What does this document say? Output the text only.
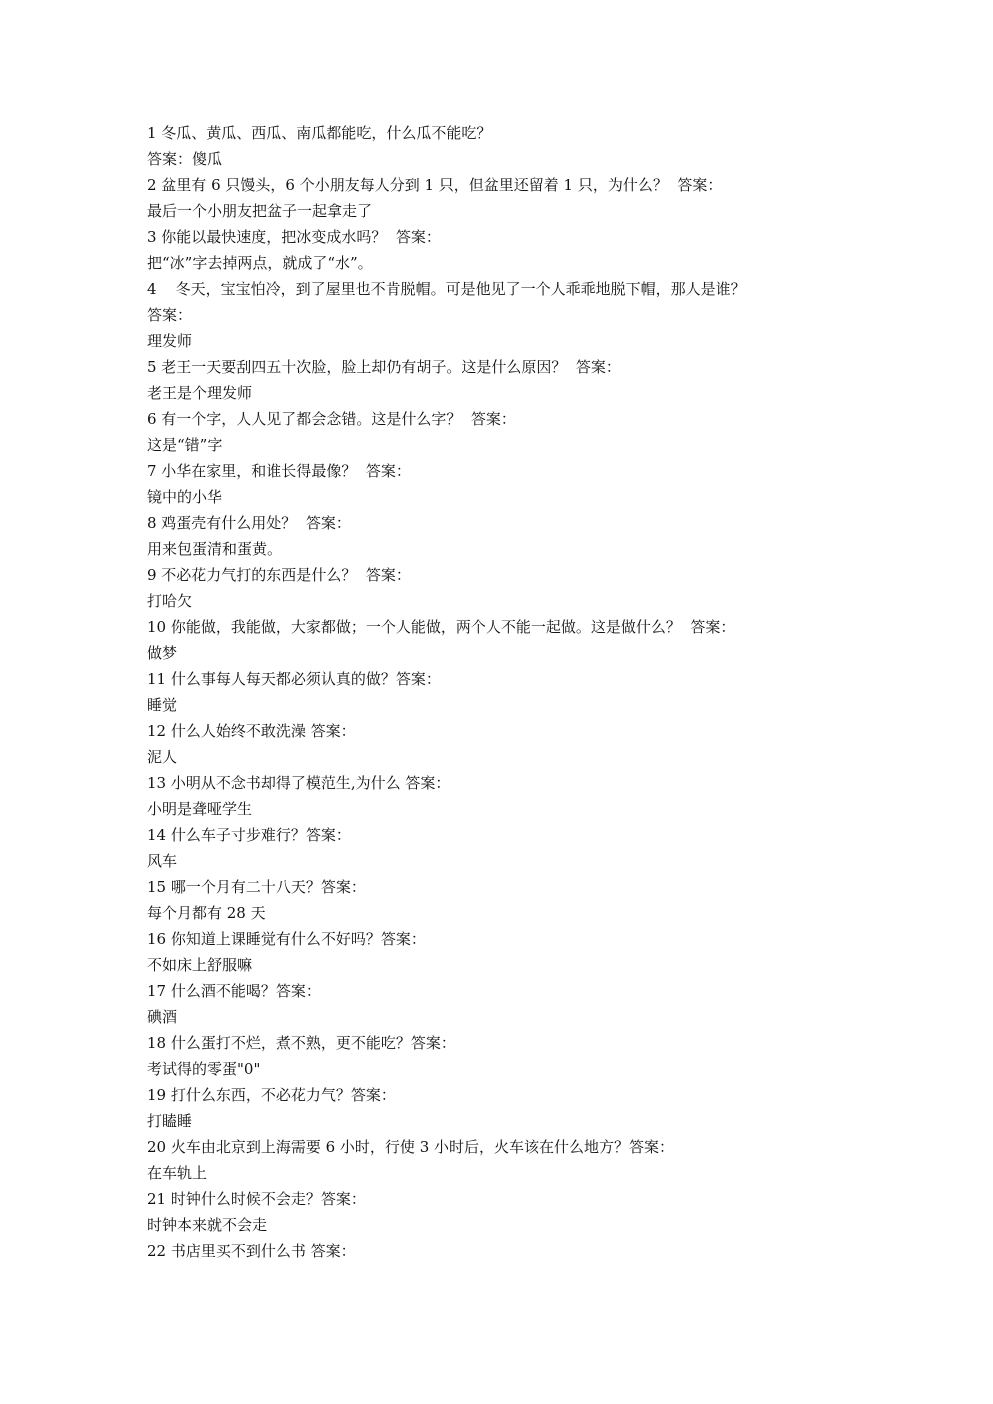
1 冬瓜、黄瓜、西瓜、南瓜都能吃，什么瓜不能吃？
答案：傻瓜
2 盆里有 6 只馒头，6 个小朋友每人分到 1 只，但盆里还留着 1 只，为什么？  答案：
最后一个小朋友把盆子一起拿走了
3 你能以最快速度，把冰变成水吗？  答案：
把“冰”字去掉两点，就成了“水”。
4    冬天，宝宝怕冷，到了屋里也不肯脱帽。可是他见了一个人乖乖地脱下帽，那人是谁？
答案：
理发师
5 老王一天要刮四五十次脸，脸上却仍有胡子。这是什么原因？  答案：
老王是个理发师
6 有一个字，人人见了都会念错。这是什么字？  答案：
这是“错”字
7 小华在家里，和谁长得最像？  答案：
镜中的小华
8 鸡蛋壳有什么用处？  答案：
用来包蛋清和蛋黄。
9 不必花力气打的东西是什么？  答案：
打哈欠
10 你能做，我能做，大家都做；一个人能做，两个人不能一起做。这是做什么？  答案：
做梦
11 什么事每人每天都必须认真的做？答案：
睡觉
12 什么人始终不敢洗澡 答案：
泥人
13 小明从不念书却得了模范生,为什么 答案：
小明是聋哑学生
14 什么车子寸步难行？答案：
风车
15 哪一个月有二十八天？答案：
每个月都有 28 天
16 你知道上课睡觉有什么不好吗？答案：
不如床上舒服嘛
17 什么酒不能喝？答案：
碘酒
18 什么蛋打不烂，煮不熟，更不能吃？答案：
考试得的零蛋"0"
19 打什么东西，不必花力气？答案：
打瞌睡
20 火车由北京到上海需要 6 小时，行使 3 小时后，火车该在什么地方？答案：
在车轨上
21 时钟什么时候不会走？答案：
时钟本来就不会走
22 书店里买不到什么书 答案：
